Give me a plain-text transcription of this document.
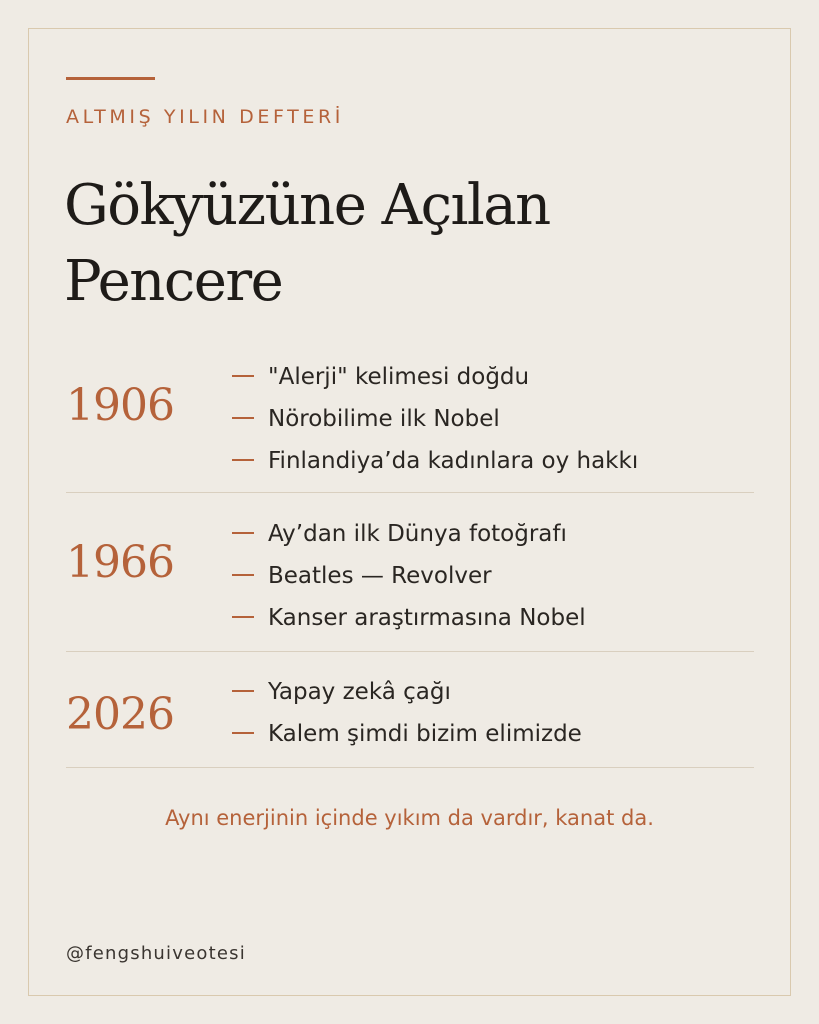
ALTMIŞ YILIN DEFTERİ
Gökyüzüne Açılan Pencere
1906
"Alerji" kelimesi doğdu
Nörobilime ilk Nobel
Finlandiya’da kadınlara oy hakkı
1966
Ay’dan ilk Dünya fotoğrafı
Beatles — Revolver
Kanser araştırmasına Nobel
2026	Yapay zekâ çağı
Kalem şimdi bizim elimizde
Aynı enerjinin içinde yıkım da vardır, kanat da.
@fengshuiveotesi
